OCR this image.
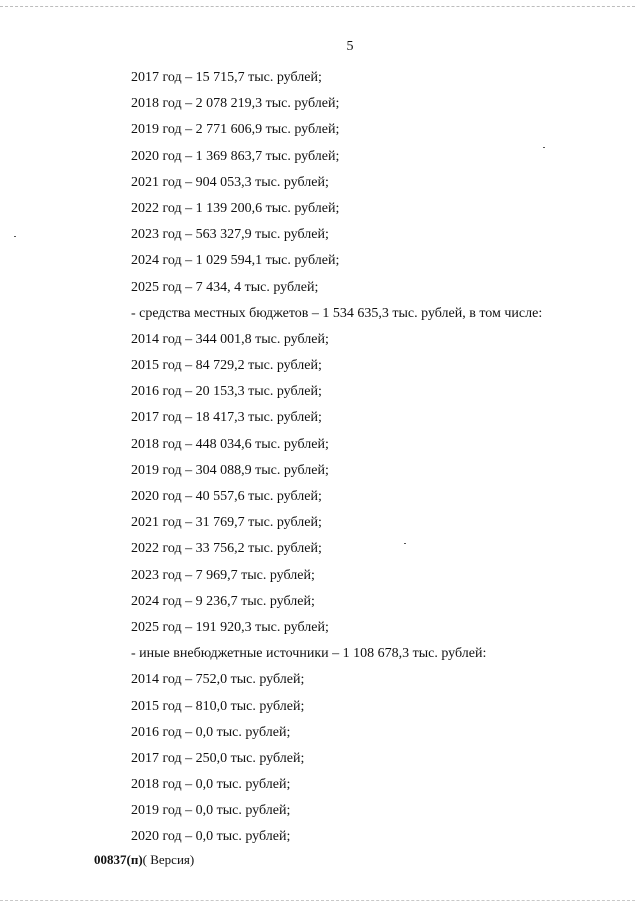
5
2017 год – 15 715,7 тыс. рублей;
2018 год – 2 078 219,3 тыс. рублей;
2019 год – 2 771 606,9 тыс. рублей;
2020 год – 1 369 863,7 тыс. рублей;
2021 год – 904 053,3 тыс. рублей;
2022 год – 1 139 200,6 тыс. рублей;
2023 год – 563 327,9 тыс. рублей;
2024 год – 1 029 594,1 тыс. рублей;
2025 год – 7 434, 4 тыс. рублей;
- средства местных бюджетов – 1 534 635,3 тыс. рублей, в том числе:
2014 год – 344 001,8 тыс. рублей;
2015 год – 84 729,2 тыс. рублей;
2016 год – 20 153,3 тыс. рублей;
2017 год – 18 417,3 тыс. рублей;
2018 год – 448 034,6 тыс. рублей;
2019 год – 304 088,9 тыс. рублей;
2020 год – 40 557,6 тыс. рублей;
2021 год – 31 769,7 тыс. рублей;
2022 год – 33 756,2 тыс. рублей;
2023 год – 7 969,7 тыс. рублей;
2024 год – 9 236,7 тыс. рублей;
2025 год – 191 920,3 тыс. рублей;
- иные внебюджетные источники – 1 108 678,3 тыс. рублей:
2014 год – 752,0 тыс. рублей;
2015 год – 810,0 тыс. рублей;
2016 год – 0,0 тыс. рублей;
2017 год – 250,0 тыс. рублей;
2018 год – 0,0 тыс. рублей;
2019 год – 0,0 тыс. рублей;
2020 год – 0,0 тыс. рублей;
00837(п)( Версия)
